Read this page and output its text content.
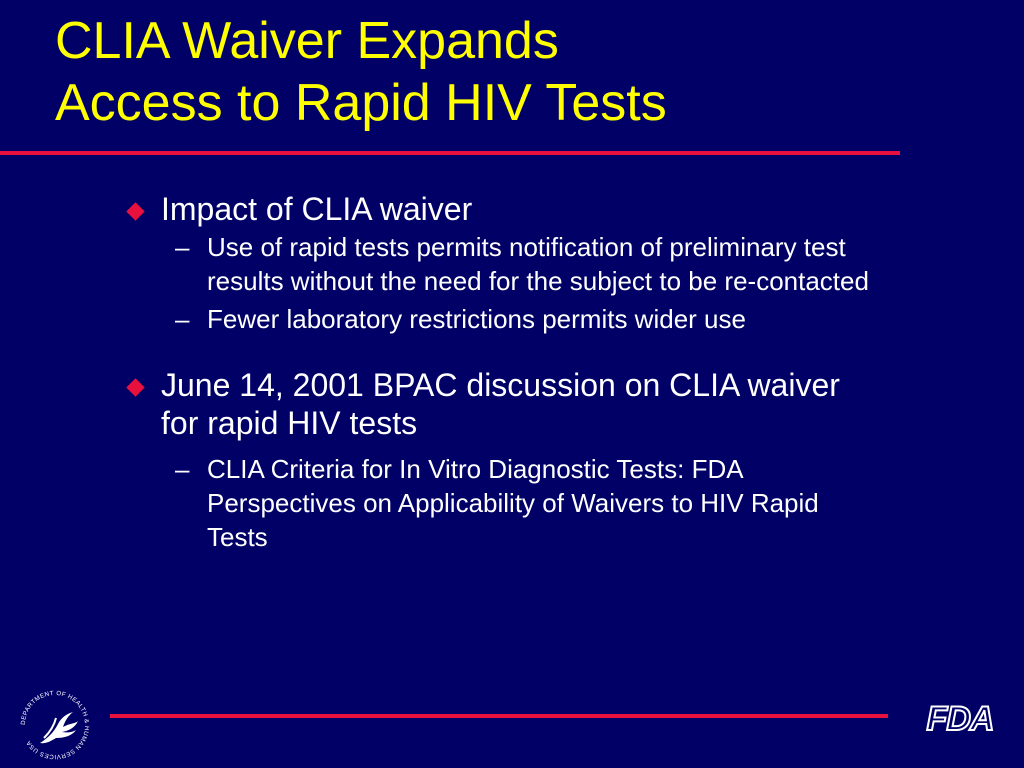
CLIA Waiver Expands
Access to Rapid HIV Tests
Impact of CLIA waiver
– Use of rapid tests permits notification of preliminary test results without the need for the subject to be re-contacted
– Fewer laboratory restrictions permits wider use
June 14, 2001 BPAC discussion on CLIA waiver for rapid HIV tests
– CLIA Criteria for In Vitro Diagnostic Tests: FDA Perspectives on Applicability of Waivers to HIV Rapid Tests
DEPARTMENT OF HEALTH & HUMAN SERVICES USA
FDA
